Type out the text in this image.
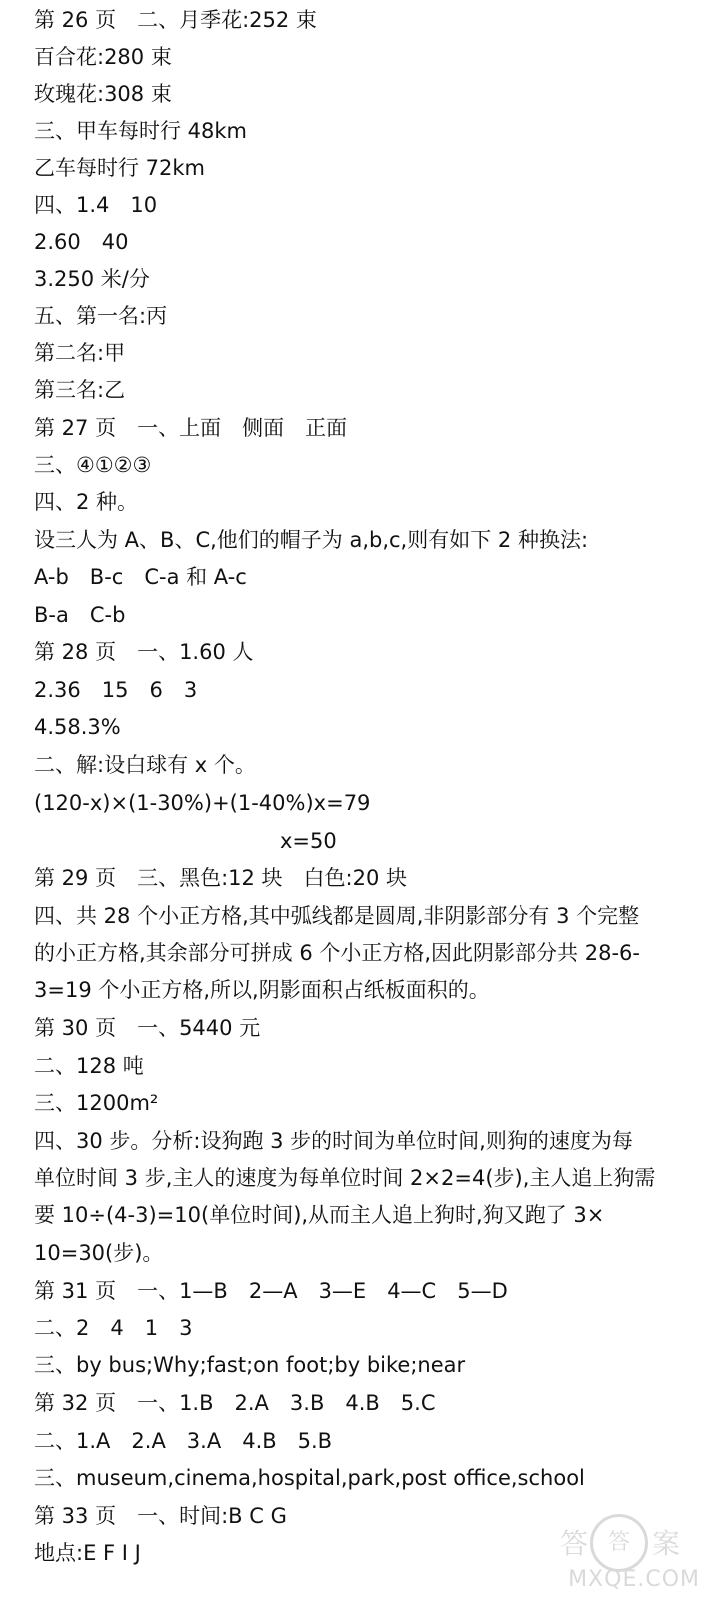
第 26 页　二、月季花:252 束
百合花:280 束
玫瑰花:308 束
三、甲车每时行 48km
乙车每时行 72km
四、1.4　10
2.60　40
3.250 米/分
五、第一名:丙
第二名:甲
第三名:乙
第 27 页　一、上面　侧面　正面
三、④①②③
四、2 种。
设三人为 A、B、C,他们的帽子为 a,b,c,则有如下 2 种换法:
A-b　B-c　C-a 和 A-c
B-a　C-b
第 28 页　一、1.60 人
2.36　15　6　3
4.58.3%
二、解:设白球有 x 个。
(120-x)×(1-30%)+(1-40%)x=79
x=50
第 29 页　三、黑色:12 块　白色:20 块
四、共 28 个小正方格,其中弧线都是圆周,非阴影部分有 3 个完整
的小正方格,其余部分可拼成 6 个小正方格,因此阴影部分共 28-6-
3=19 个小正方格,所以,阴影面积占纸板面积的。
第 30 页　一、5440 元
二、128 吨
三、1200m²
四、30 步。分析:设狗跑 3 步的时间为单位时间,则狗的速度为每
单位时间 3 步,主人的速度为每单位时间 2×2=4(步),主人追上狗需
要 10÷(4-3)=10(单位时间),从而主人追上狗时,狗又跑了 3×
10=30(步)。
第 31 页　一、1—B　2—A　3—E　4—C　5—D
二、2　4　1　3
三、by bus;Why;fast;on foot;by bike;near
第 32 页　一、1.B　2.A　3.B　4.B　5.C
二、1.A　2.A　3.A　4.B　5.B
三、museum,cinema,hospital,park,post office,school
第 33 页　一、时间:B C G
地点:E F I J	答 案
答
MXQE.COM
